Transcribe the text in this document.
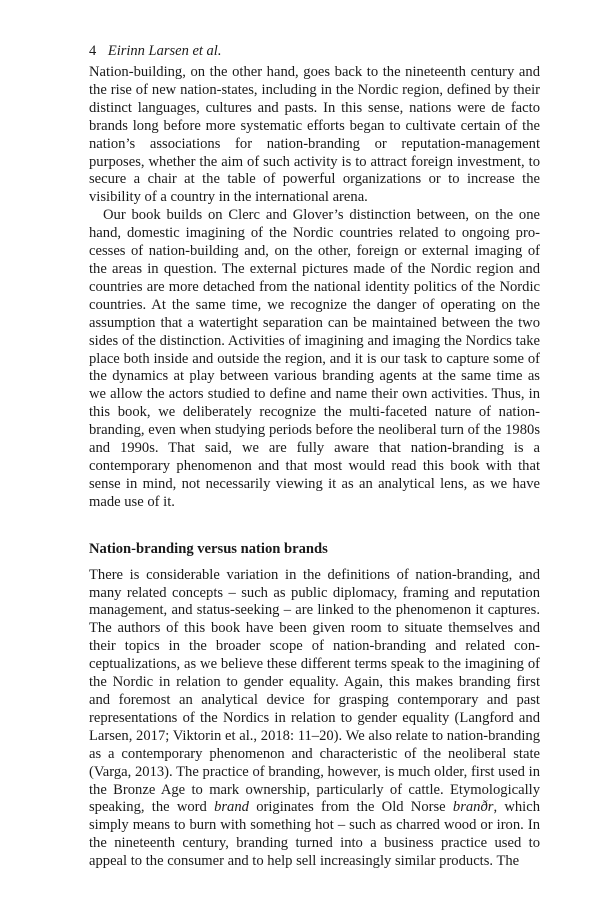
4 Eirinn Larsen et al.

Nation-building, on the other hand, goes back to the nineteenth century and the rise of new nation-states, including in the Nordic region, defined by their distinct languages, cultures and pasts. In this sense, nations were de facto brands long before more systematic efforts began to cultivate certain of the nation’s associations for nation-branding or reputation-management purposes, whether the aim of such activity is to attract foreign investment, to secure a chair at the table of powerful organizations or to increase the visibility of a country in the international arena.

Our book builds on Clerc and Glover’s distinction between, on the one hand, domestic imagining of the Nordic countries related to ongoing processes of nation-building and, on the other, foreign or external imaging of the areas in question. The external pictures made of the Nordic region and countries are more detached from the national identity politics of the Nordic countries. At the same time, we recognize the danger of operating on the assumption that a watertight separation can be maintained between the two sides of the distinction. Activities of imagining and imaging the Nordics take place both inside and outside the region, and it is our task to capture some of the dynamics at play between various branding agents at the same time as we allow the actors studied to define and name their own activities. Thus, in this book, we deliberately recognize the multi-faceted nature of nation-branding, even when studying periods before the neoliberal turn of the 1980s and 1990s. That said, we are fully aware that nation-branding is a contemporary phenomenon and that most would read this book with that sense in mind, not necessarily viewing it as an analytical lens, as we have made use of it.

Nation-branding versus nation brands

There is considerable variation in the definitions of nation-branding, and many related concepts – such as public diplomacy, framing and reputation management, and status-seeking – are linked to the phenomenon it captures. The authors of this book have been given room to situate themselves and their topics in the broader scope of nation-branding and related conceptualizations, as we believe these different terms speak to the imagining of the Nordic in relation to gender equality. Again, this makes branding first and foremost an analytical device for grasping contemporary and past representations of the Nordics in relation to gender equality (Langford and Larsen, 2017; Viktorin et al., 2018: 11–20). We also relate to nation-branding as a contemporary phenomenon and characteristic of the neoliberal state (Varga, 2013). The practice of branding, however, is much older, first used in the Bronze Age to mark ownership, particularly of cattle. Etymologically speaking, the word brand originates from the Old Norse branðr, which simply means to burn with something hot – such as charred wood or iron. In the nineteenth century, branding turned into a business practice used to appeal to the consumer and to help sell increasingly similar products. The
